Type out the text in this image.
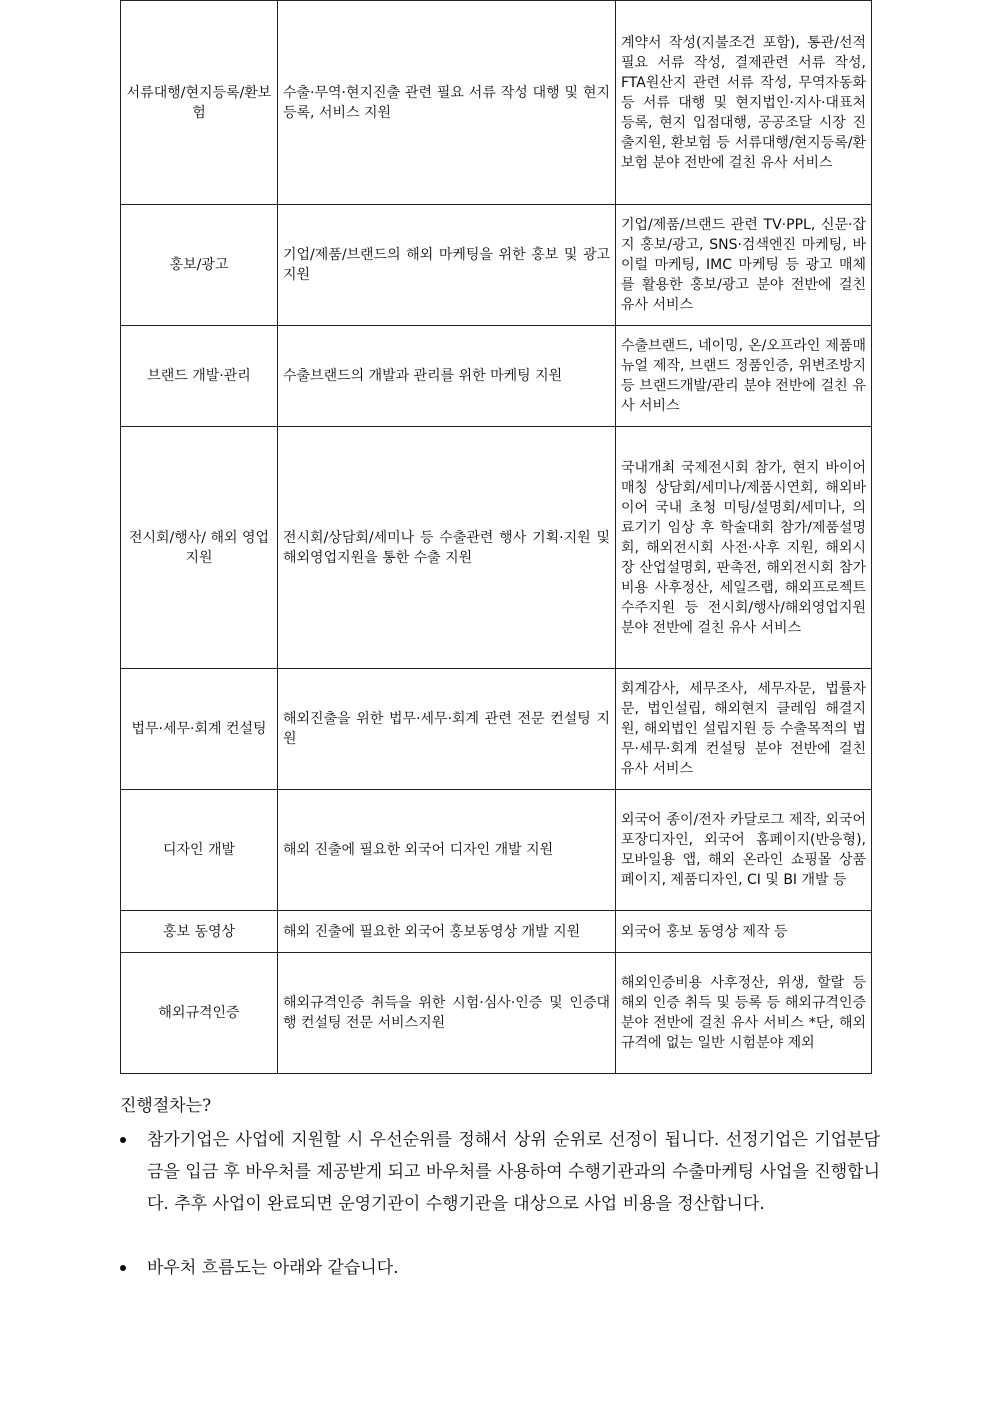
서류대행/현지등록/환보험	수출·무역·현지진출 관련 필요 서류 작성 대행 및 현지 등록, 서비스 지원	계약서 작성(지불조건 포함), 통관/선적 필요 서류 작성, 결제관련 서류 작성, FTA원산지 관련 서류 작성, 무역자동화 등 서류 대행 및 현지법인·지사·대표처 등록, 현지 입점대행, 공공조달 시장 진출지원, 환보험 등 서류대행/현지등록/환보험 분야 전반에 걸친 유사 서비스
홍보/광고	기업/제품/브랜드의 해외 마케팅을 위한 홍보 및 광고 지원	기업/제품/브랜드 관련 TV·PPL, 신문·잡지 홍보/광고, SNS·검색엔진 마케팅, 바이럴 마케팅, IMC 마케팅 등 광고 매체를 활용한 홍보/광고 분야 전반에 걸친 유사 서비스
브랜드 개발·관리	수출브랜드의 개발과 관리를 위한 마케팅 지원	수출브랜드, 네이밍, 온/오프라인 제품매뉴얼 제작, 브랜드 정품인증, 위변조방지 등 브랜드개발/관리 분야 전반에 걸친 유사 서비스
전시회/행사/ 해외 영업지원	전시회/상담회/세미나 등 수출관련 행사 기획·지원 및 해외영업지원을 통한 수출 지원	국내개최 국제전시회 참가, 현지 바이어 매칭 상담회/세미나/제품시연회, 해외바이어 국내 초청 미팅/설명회/세미나, 의료기기 임상 후 학술대회 참가/제품설명회, 해외전시회 사전·사후 지원, 해외시장 산업설명회, 판촉전, 해외전시회 참가비용 사후정산, 세일즈랩, 해외프로젝트 수주지원 등 전시회/행사/해외영업지원 분야 전반에 걸친 유사 서비스
법무·세무·회계 컨설팅	해외진출을 위한 법무·세무·회계 관련 전문 컨설팅 지원	회계감사, 세무조사, 세무자문, 법률자문, 법인설립, 해외현지 클레임 해결지원, 해외법인 설립지원 등 수출목적의 법무·세무·회계 컨설팅 분야 전반에 걸친 유사 서비스
디자인 개발	해외 진출에 필요한 외국어 디자인 개발 지원	외국어 종이/전자 카달로그 제작, 외국어 포장디자인, 외국어 홈페이지(반응형), 모바일용 앱, 해외 온라인 쇼핑몰 상품 페이지, 제품디자인, CI 및 BI 개발 등
홍보 동영상	해외 진출에 필요한 외국어 홍보동영상 개발 지원	외국어 홍보 동영상 제작 등
해외규격인증	해외규격인증 취득을 위한 시험·심사·인증 및 인증대행 컨설팅 전문 서비스지원	해외인증비용 사후정산, 위생, 할랄 등 해외 인증 취득 및 등록 등 해외규격인증 분야 전반에 걸친 유사 서비스 *단, 해외규격에 없는 일반 시험분야 제외
진행절차는?
참가기업은 사업에 지원할 시 우선순위를 정해서 상위 순위로 선정이 됩니다. 선정기업은 기업분담금을 입금 후 바우처를 제공받게 되고 바우처를 사용하여 수행기관과의 수출마케팅 사업을 진행합니다. 추후 사업이 완료되면 운영기관이 수행기관을 대상으로 사업 비용을 정산합니다.
바우처 흐름도는 아래와 같습니다.
